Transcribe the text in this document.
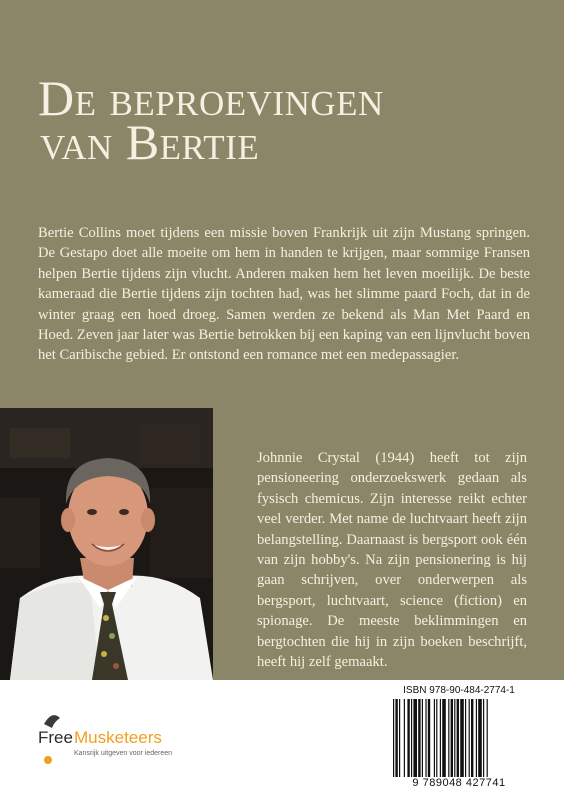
De beproevingen
van Bertie

Bertie Collins moet tijdens een missie boven Frankrijk uit zijn Mustang springen. De Gestapo doet alle moeite om hem in handen te krijgen, maar sommige Fransen helpen Bertie tijdens zijn vlucht. Anderen maken hem het leven moeilijk. De beste kameraad die Bertie tijdens zijn tochten had, was het slimme paard Foch, dat in de winter graag een hoed droeg. Samen werden ze bekend als Man Met Paard en Hoed. Zeven jaar later was Bertie betrokken bij een kaping van een lijnvlucht boven het Caribische gebied. Er ontstond een romance met een medepassagier.

Johnnie Crystal (1944) heeft tot zijn pensioneering onderzoekswerk gedaan als fysisch chemicus. Zijn interesse reikt echter veel verder. Met name de luchtvaart heeft zijn belangstelling. Daarnaast is bergsport ook één van zijn hobby's. Na zijn pensionering is hij gaan schrijven, over onderwerpen als bergsport, luchtvaart, science (fiction) en spionage. De meeste beklimmingen en bergtochten die hij in zijn boeken beschrijft, heeft hij zelf gemaakt.

Free Musketeers
Kansrijk uitgeven voor iedereen
ISBN 978-90-484-2774-1
9 789048 427741
